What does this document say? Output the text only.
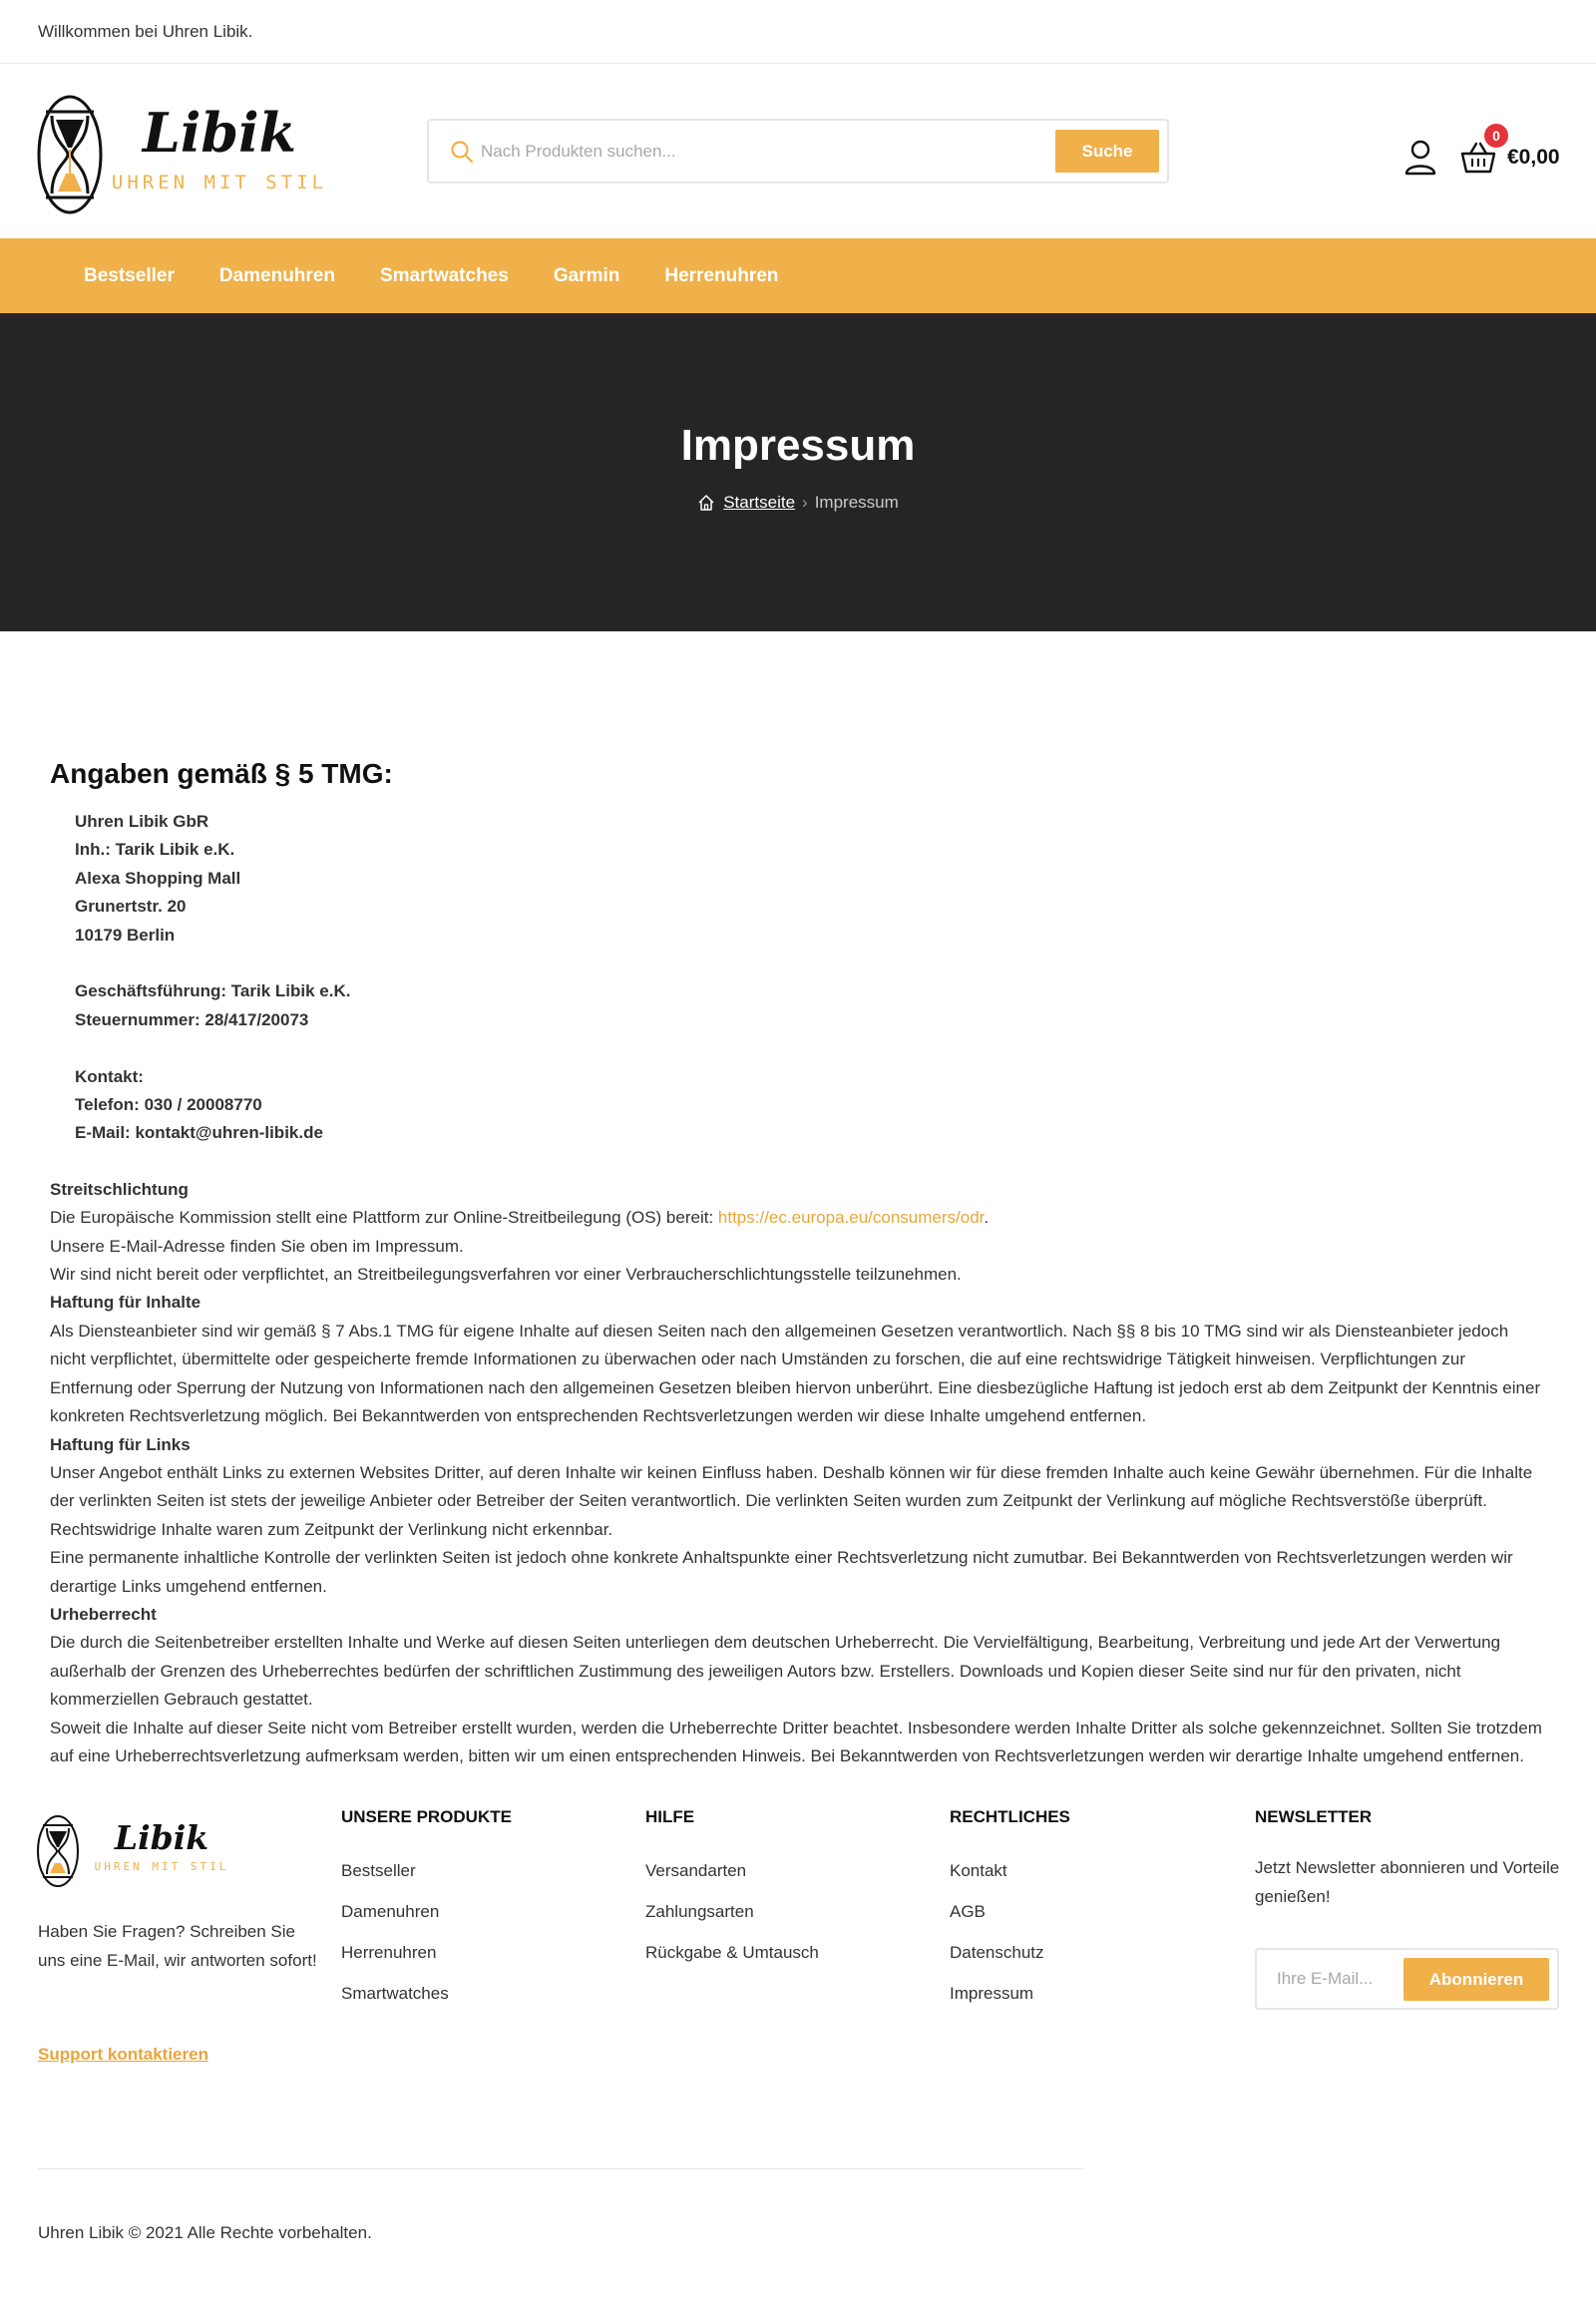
Willkommen bei Uhren Libik.
Libik
UHREN MIT STIL
Nach Produkten suchen...
Suche
0
€0,00
Bestseller Damenuhren Smartwatches Garmin Herrenuhren
Impressum
Startseite › Impressum
Angaben gemäß § 5 TMG:
Uhren Libik GbR
Inh.: Tarik Libik e.K.
Alexa Shopping Mall
Grunertstr. 20
10179 Berlin
Geschäftsführung: Tarik Libik e.K.
Steuernummer: 28/417/20073
Kontakt:
Telefon: 030 / 20008770
E-Mail: kontakt@uhren-libik.de
Streitschlichtung

Die Europäische Kommission stellt eine Plattform zur Online-Streitbeilegung (OS) bereit: https://ec.europa.eu/consumers/odr.

Unsere E-Mail-Adresse finden Sie oben im Impressum.

Wir sind nicht bereit oder verpflichtet, an Streitbeilegungsverfahren vor einer Verbraucherschlichtungsstelle teilzunehmen.

Haftung für Inhalte

Als Diensteanbieter sind wir gemäß § 7 Abs.1 TMG für eigene Inhalte auf diesen Seiten nach den allgemeinen Gesetzen verantwortlich. Nach §§ 8 bis 10 TMG sind wir als Diensteanbieter jedoch nicht verpflichtet, übermittelte oder gespeicherte fremde Informationen zu überwachen oder nach Umständen zu forschen, die auf eine rechtswidrige Tätigkeit hinweisen. Verpflichtungen zur Entfernung oder Sperrung der Nutzung von Informationen nach den allgemeinen Gesetzen bleiben hiervon unberührt. Eine diesbezügliche Haftung ist jedoch erst ab dem Zeitpunkt der Kenntnis einer konkreten Rechtsverletzung möglich. Bei Bekanntwerden von entsprechenden Rechtsverletzungen werden wir diese Inhalte umgehend entfernen.

Haftung für Links

Unser Angebot enthält Links zu externen Websites Dritter, auf deren Inhalte wir keinen Einfluss haben. Deshalb können wir für diese fremden Inhalte auch keine Gewähr übernehmen. Für die Inhalte der verlinkten Seiten ist stets der jeweilige Anbieter oder Betreiber der Seiten verantwortlich. Die verlinkten Seiten wurden zum Zeitpunkt der Verlinkung auf mögliche Rechtsverstöße überprüft. Rechtswidrige Inhalte waren zum Zeitpunkt der Verlinkung nicht erkennbar.

Eine permanente inhaltliche Kontrolle der verlinkten Seiten ist jedoch ohne konkrete Anhaltspunkte einer Rechtsverletzung nicht zumutbar. Bei Bekanntwerden von Rechtsverletzungen werden wir derartige Links umgehend entfernen.

Urheberrecht

Die durch die Seitenbetreiber erstellten Inhalte und Werke auf diesen Seiten unterliegen dem deutschen Urheberrecht. Die Vervielfältigung, Bearbeitung, Verbreitung und jede Art der Verwertung außerhalb der Grenzen des Urheberrechtes bedürfen der schriftlichen Zustimmung des jeweiligen Autors bzw. Erstellers. Downloads und Kopien dieser Seite sind nur für den privaten, nicht kommerziellen Gebrauch gestattet.

Soweit die Inhalte auf dieser Seite nicht vom Betreiber erstellt wurden, werden die Urheberrechte Dritter beachtet. Insbesondere werden Inhalte Dritter als solche gekennzeichnet. Sollten Sie trotzdem auf eine Urheberrechtsverletzung aufmerksam werden, bitten wir um einen entsprechenden Hinweis. Bei Bekanntwerden von Rechtsverletzungen werden wir derartige Inhalte umgehend entfernen.

Libik
UHREN MIT STIL
Haben Sie Fragen? Schreiben Sie uns eine E-Mail, wir antworten sofort!
Support kontaktieren
UNSERE PRODUKTE
Bestseller
Damenuhren
Herrenuhren
Smartwatches
HILFE
Versandarten
Zahlungsarten
Rückgabe & Umtausch
RECHTLICHES
Kontakt
AGB
Datenschutz
Impressum
NEWSLETTER

Jetzt Newsletter abonnieren und Vorteile genießen!

Ihre E-Mail...
Abonnieren
Uhren Libik © 2021 Alle Rechte vorbehalten.
